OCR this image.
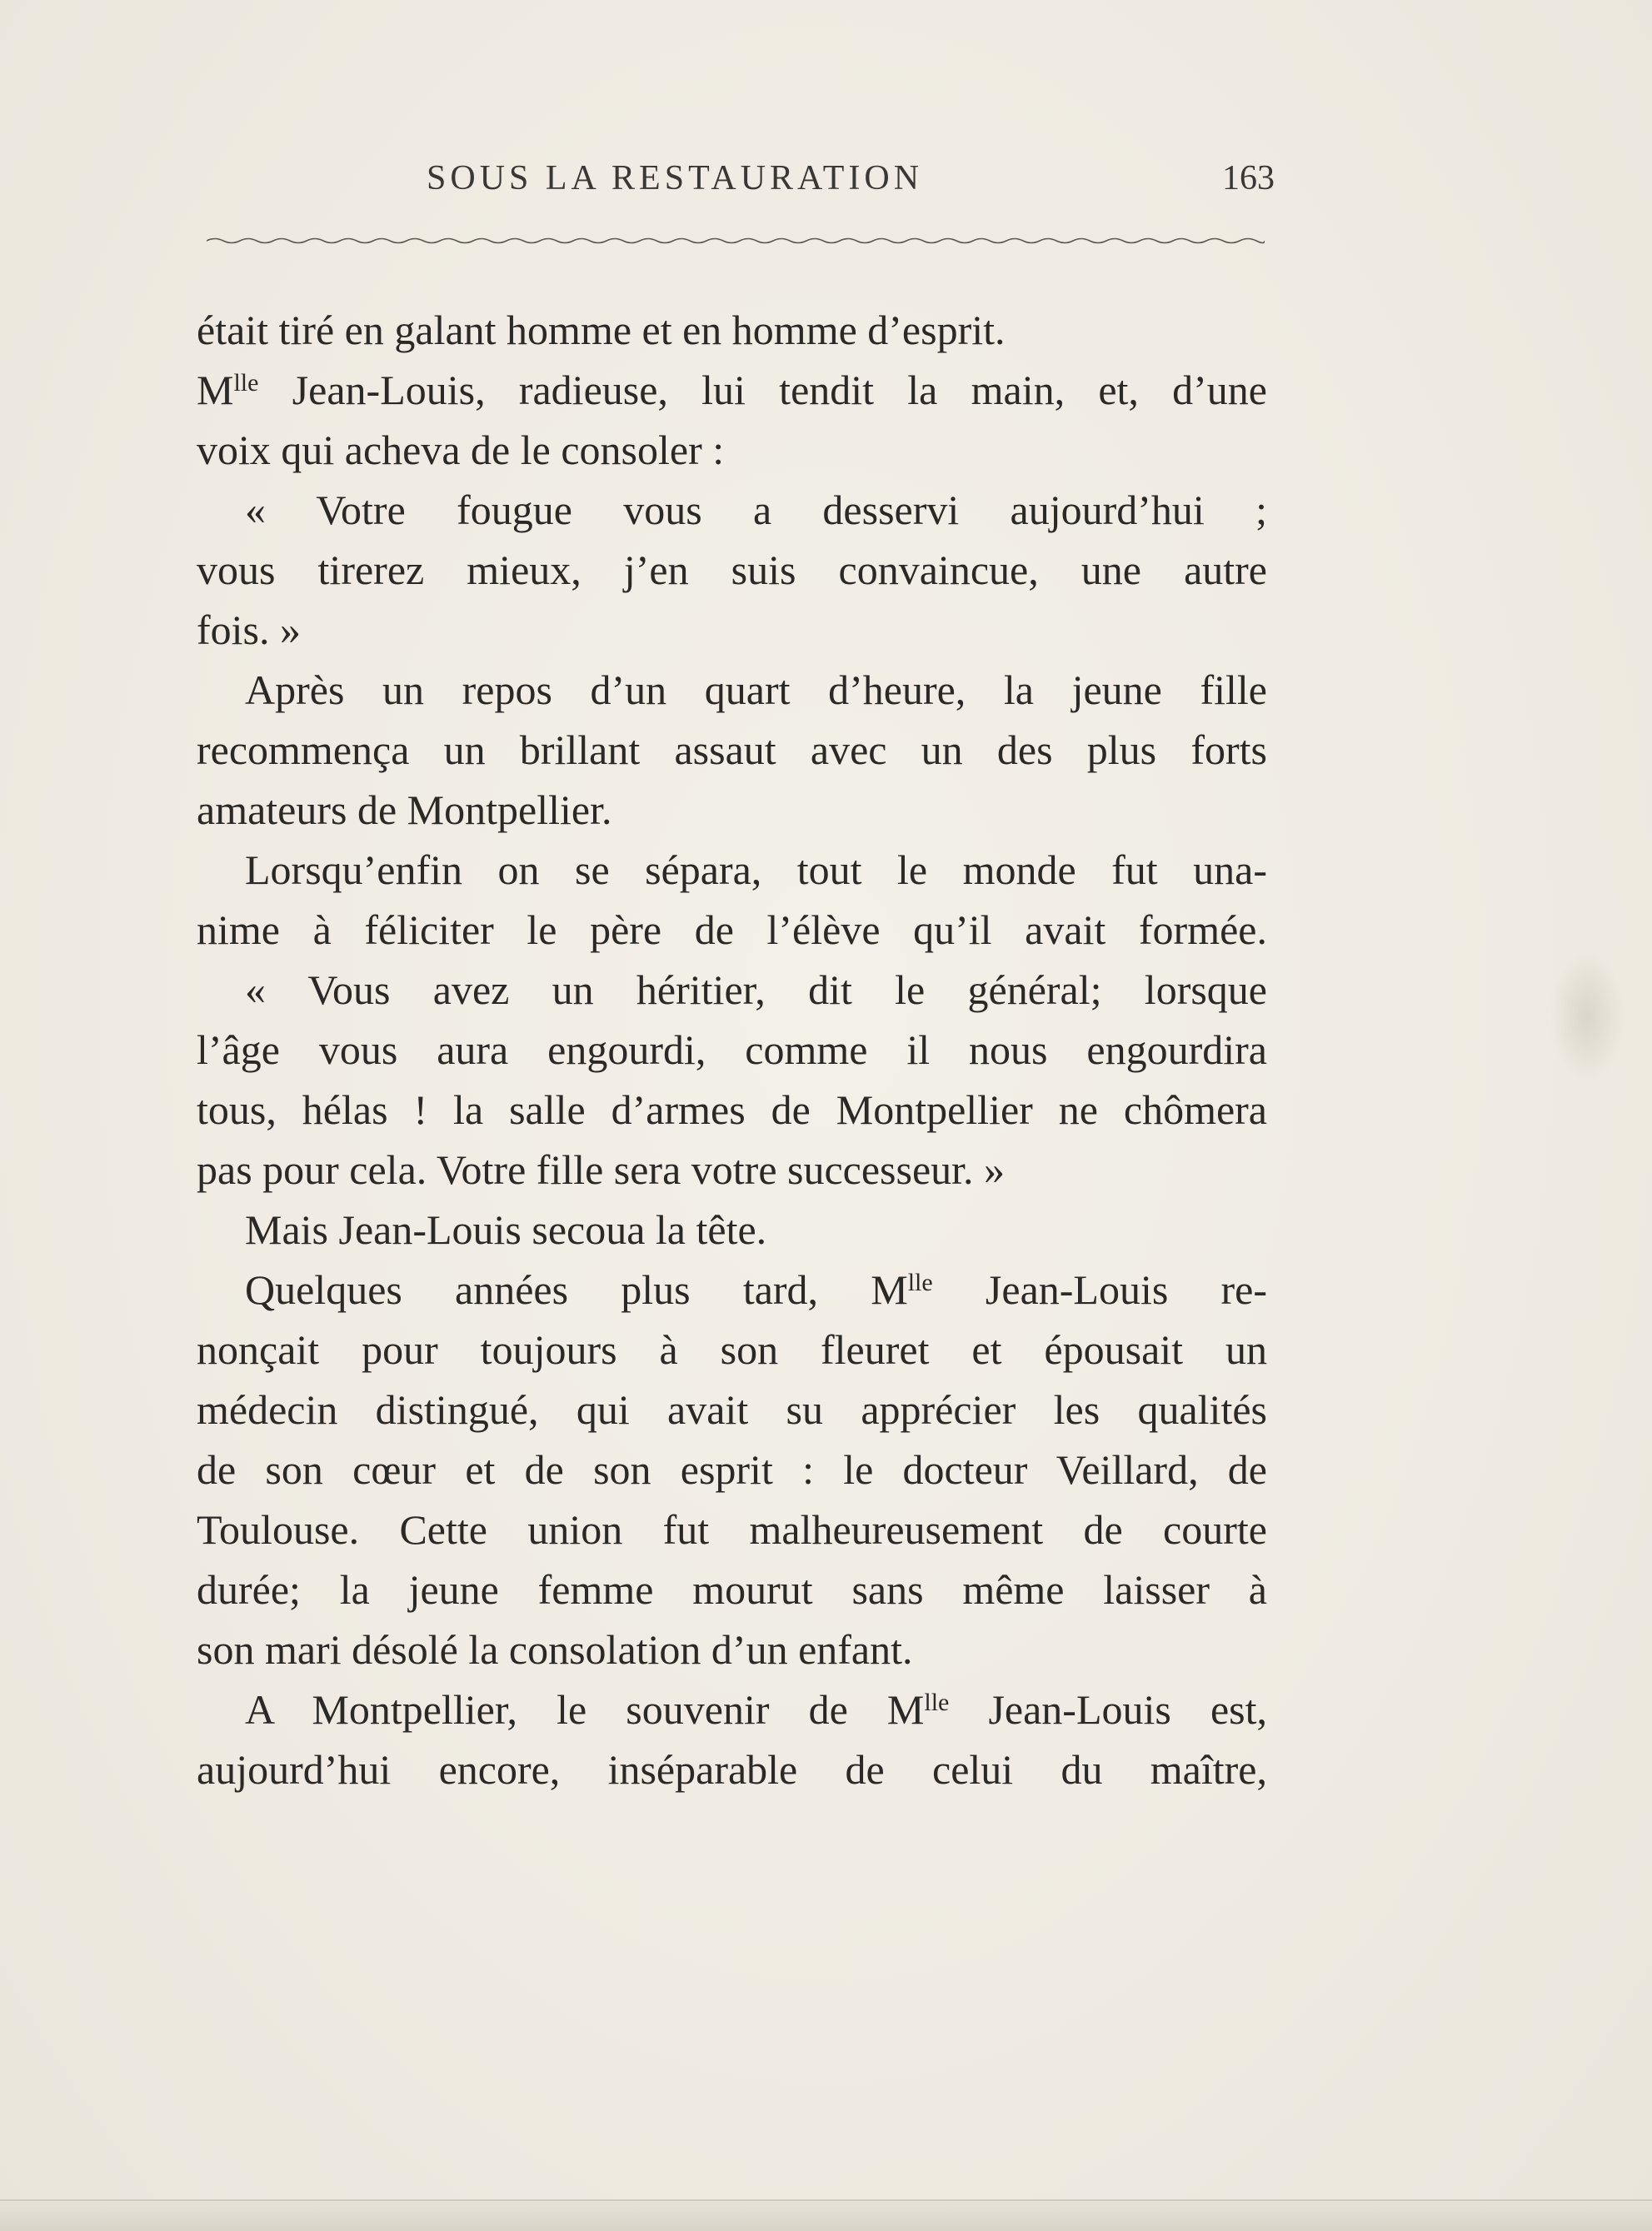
SOUS LA RESTAURATION	163
était tiré en galant homme et en homme d’esprit.
$M^{lle}$ Jean-Louis, radieuse, lui tendit la main, et, d’une
voix qui acheva de le consoler :
« Votre fougue vous a desservi aujourd’hui ;
vous tirerez mieux, j’en suis convaincue, une autre
fois. »
Après un repos d’un quart d’heure, la jeune fille
recommença un brillant assaut avec un des plus forts
amateurs de Montpellier.
Lorsqu’enfin on se sépara, tout le monde fut una-
nime à féliciter le père de l’élève qu’il avait formée.
« Vous avez un héritier, dit le général; lorsque
l’âge vous aura engourdi, comme il nous engourdira
tous, hélas ! la salle d’armes de Montpellier ne chômera
pas pour cela. Votre fille sera votre successeur. »
Mais Jean-Louis secoua la tête.
Quelques années plus tard, $M^{lle}$ Jean-Louis re-
nonçait pour toujours à son fleuret et épousait un
médecin distingué, qui avait su apprécier les qualités
de son cœur et de son esprit : le docteur Veillard, de
Toulouse. Cette union fut malheureusement de courte
durée; la jeune femme mourut sans même laisser à
son mari désolé la consolation d’un enfant.
A Montpellier, le souvenir de $M^{lle}$ Jean-Louis est,
aujourd’hui encore, inséparable de celui du maître,
